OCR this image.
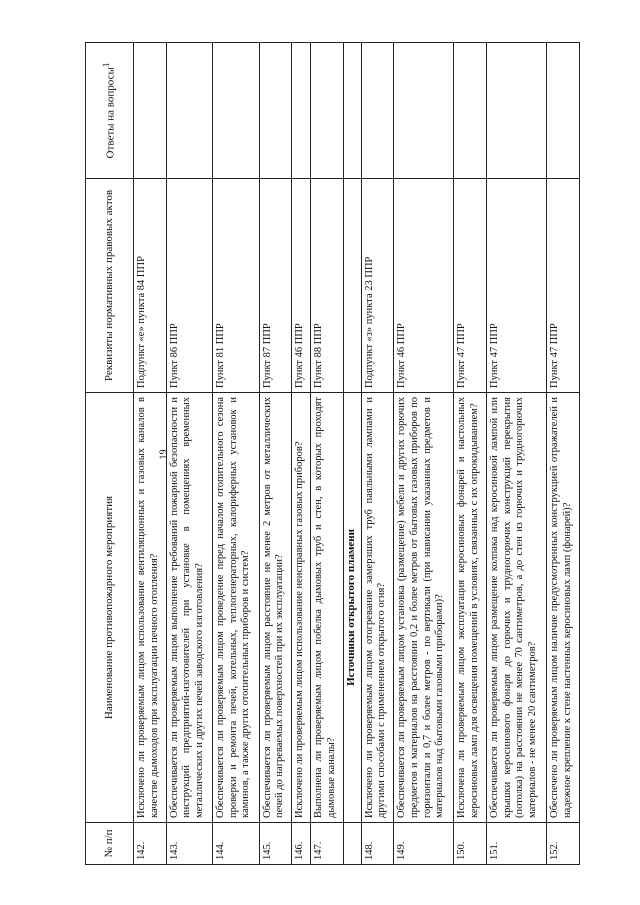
19
№ п/п	Наименование противопожарного мероприятия	Реквизиты нормативных правовых актов	Ответы на вопросы$^1$
142.	Исключено ли проверяемым лицом использование вентиляционных и газовых каналов в качестве дымоходов при эксплуатации печного отопления?	Подпункт «е» пункта 84 ППР	
143.	Обеспечивается ли проверяемым лицом выполнение требований пожарной безопасности и инструкций предприятий-изготовителей при установке в помещениях временных металлических и других печей заводского изготовления?	Пункт 86 ППР	
144.	Обеспечивается ли проверяемым лицом проведение перед началом отопительного сезона проверки и ремонта печей, котельных, теплогенераторных, калориферных установок и каминов, а также других отопительных приборов и систем?	Пункт 81 ППР	
145.	Обеспечивается ли проверяемым лицом расстояние не менее 2 метров от металлических печей до нагреваемых поверхностей при их эксплуатации?	Пункт 87 ППР	
146.	Исключено ли проверяемым лицом использование неисправных газовых приборов?	Пункт 46 ППР	
147.	Выполнена ли проверяемым лицом побелка дымовых труб и стен, в которых проходят дымовые каналы?	Пункт 88 ППР	
	Источники открытого пламени		
148.	Исключено ли проверяемым лицом отогревание замерзших труб паяльными лампами и другими способами с применением открытого огня?	Подпункт «з» пункта 23 ППР	
149.	Обеспечивается ли проверяемым лицом установка (размещение) мебели и других горючих предметов и материалов на расстоянии 0,2 и более метров от бытовых газовых приборов по горизонтали и 0,7 и более метров - по вертикали (при нависании указанных предметов и материалов над бытовыми газовыми приборами)?	Пункт 46 ППР	
150.	Исключена ли проверяемым лицом эксплуатация керосиновых фонарей и настольных керосиновых ламп для освещения помещений в условиях, связанных с их опрокидыванием?	Пункт 47 ППР	
151.	Обеспечивается ли проверяемым лицом размещение колпака над керосиновой лампой или крышки керосинового фонаря до горючих и трудногорючих конструкций перекрытия (потолка) на расстоянии не менее 70 сантиметров, а до стен из горючих и трудногорючих материалов - не менее 20 сантиметров?	Пункт 47 ППР	
152.	Обеспечено ли проверяемым лицом наличие предусмотренных конструкцией отражателей и надежное крепление к стене настенных керосиновых ламп (фонарей)?	Пункт 47 ППР	
